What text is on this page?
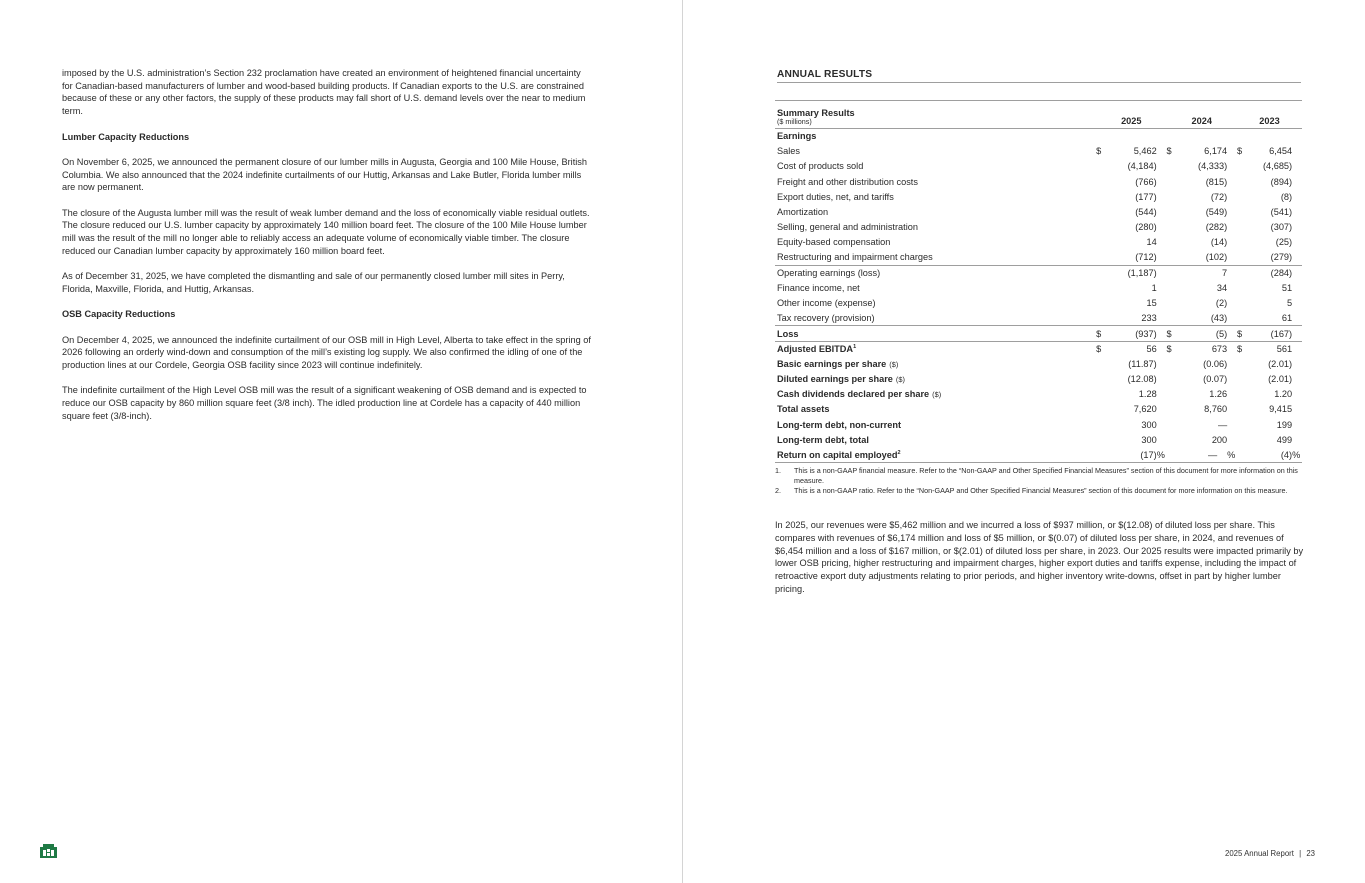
imposed by the U.S. administration’s Section 232 proclamation have created an environment of heightened financial uncertainty for Canadian-based manufacturers of lumber and wood-based building products. If Canadian exports to the U.S. are constrained because of these or any other factors, the supply of these products may fall short of U.S. demand levels over the near to medium term.

Lumber Capacity Reductions

On November 6, 2025, we announced the permanent closure of our lumber mills in Augusta, Georgia and 100 Mile House, British Columbia. We also announced that the 2024 indefinite curtailments of our Huttig, Arkansas and Lake Butler, Florida lumber mills are now permanent.

The closure of the Augusta lumber mill was the result of weak lumber demand and the loss of economically viable residual outlets. The closure reduced our U.S. lumber capacity by approximately 140 million board feet. The closure of the 100 Mile House lumber mill was the result of the mill no longer able to reliably access an adequate volume of economically viable timber. The closure reduced our Canadian lumber capacity by approximately 160 million board feet.

As of December 31, 2025, we have completed the dismantling and sale of our permanently closed lumber mill sites in Perry, Florida, Maxville, Florida, and Huttig, Arkansas.

OSB Capacity Reductions

On December 4, 2025, we announced the indefinite curtailment of our OSB mill in High Level, Alberta to take effect in the spring of 2026 following an orderly wind-down and consumption of the mill’s existing log supply. We also confirmed the idling of one of the production lines at our Cordele, Georgia OSB facility since 2023 will continue indefinitely.

The indefinite curtailment of the High Level OSB mill was the result of a significant weakening of OSB demand and is expected to reduce our OSB capacity by 860 million square feet (3/8 inch). The idled production line at Cordele has a capacity of 440 million square feet (3/8-inch).

ANNUAL RESULTS
Summary Results
($ millions)	2025			2024			2023		
Earnings									
Sales	$	5,462		$	6,174		$	6,454	
Cost of products sold		(4,184)			(4,333)			(4,685)	
Freight and other distribution costs		(766)			(815)			(894)	
Export duties, net, and tariffs		(177)			(72)			(8)	
Amortization		(544)			(549)			(541)	
Selling, general and administration		(280)			(282)			(307)	
Equity-based compensation		14			(14)			(25)	
Restructuring and impairment charges		(712)			(102)			(279)	
Operating earnings (loss)		(1,187)			7			(284)	
Finance income, net		1			34			51	
Other income (expense)		15			(2)			5	
Tax recovery (provision)		233			(43)			61	
Loss	$	(937)		$	(5)		$	(167)	
Adjusted EBITDA$^1$	$	56		$	673		$	561	
Basic earnings per share ($)		(11.87)			(0.06)			(2.01)	
Diluted earnings per share ($)		(12.08)			(0.07)			(2.01)	
Cash dividends declared per share ($)		1.28			1.26			1.20	
Total assets		7,620			8,760			9,415	
Long-term debt, non-current		300			—			199	
Long-term debt, total		300			200			499	
Return on capital employed$^2$		(17)	%		—	%		(4)	%
1.	This is a non-GAAP financial measure. Refer to the “Non-GAAP and Other Specified Financial Measures” section of this document for more information on this measure.
2.	This is a non-GAAP ratio. Refer to the “Non-GAAP and Other Specified Financial Measures” section of this document for more information on this measure.

In 2025, our revenues were $5,462 million and we incurred a loss of $937 million, or $(12.08) of diluted loss per share. This compares with revenues of $6,174 million and loss of $5 million, or $(0.07) of diluted loss per share, in 2024, and revenues of $6,454 million and a loss of $167 million, or $(2.01) of diluted loss per share, in 2023. Our 2025 results were impacted primarily by lower OSB pricing, higher restructuring and impairment charges, higher export duties and tariffs expense, including the impact of retroactive export duty adjustments relating to prior periods, and higher inventory write-downs, offset in part by higher lumber pricing.

2025 Annual Report | 23
